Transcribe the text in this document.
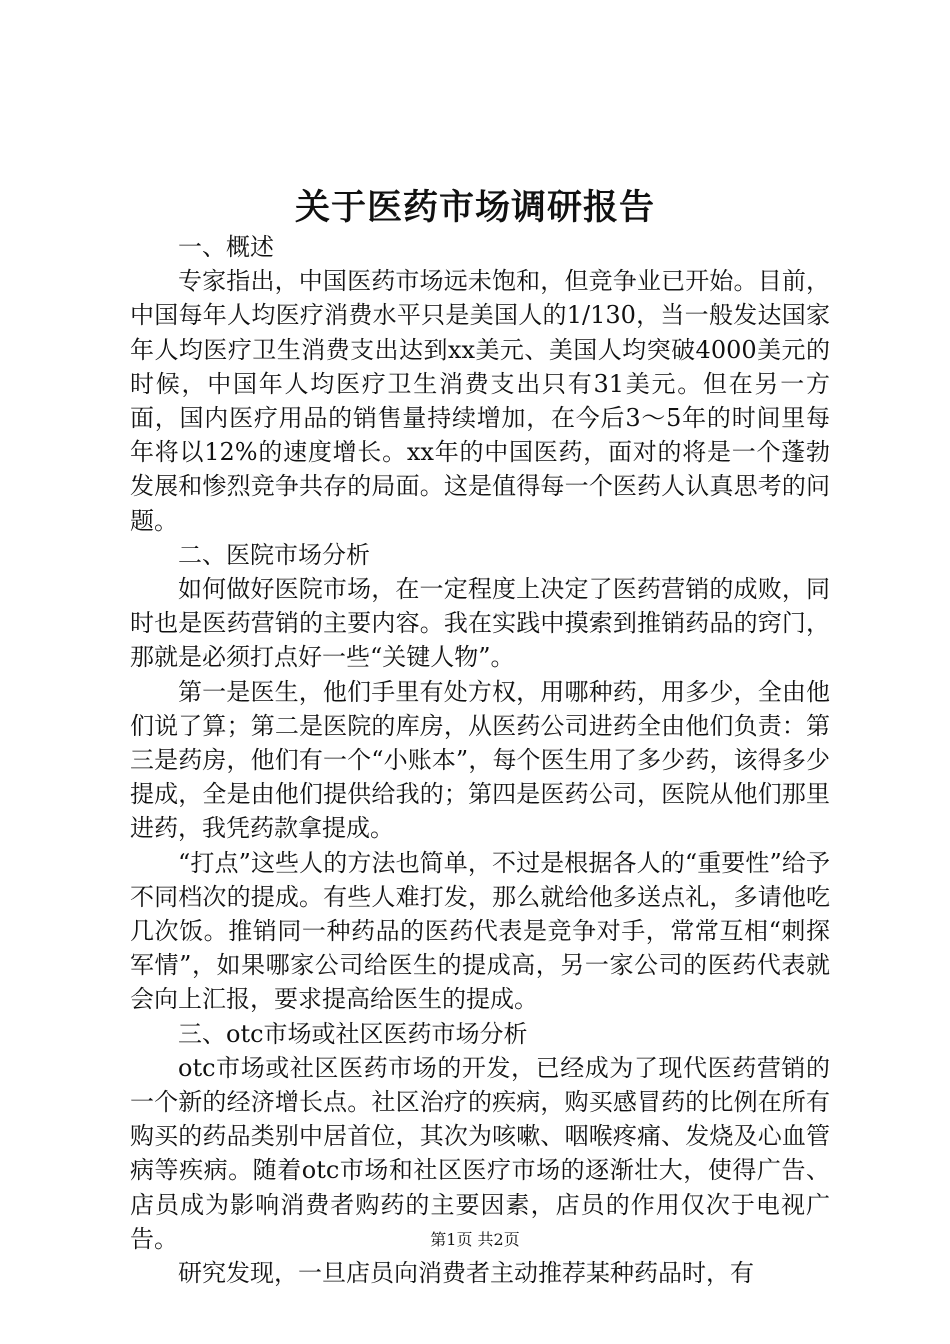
关于医药市场调研报告

一、概述

专家指出，中国医药市场远未饱和，但竞争业已开始。目前，中国每年人均医疗消费水平只是美国人的1/130，当一般发达国家年人均医疗卫生消费支出达到xx美元、美国人均突破4000美元的时候，中国年人均医疗卫生消费支出只有31美元。但在另一方面，国内医疗用品的销售量持续增加，在今后3～5年的时间里每年将以12%的速度增长。xx年的中国医药，面对的将是一个蓬勃发展和惨烈竞争共存的局面。这是值得每一个医药人认真思考的问题。

二、医院市场分析

如何做好医院市场，在一定程度上决定了医药营销的成败，同时也是医药营销的主要内容。我在实践中摸索到推销药品的窍门，那就是必须打点好一些“关键人物”。

第一是医生，他们手里有处方权，用哪种药，用多少，全由他们说了算；第二是医院的库房，从医药公司进药全由他们负责：第三是药房，他们有一个“小账本”，每个医生用了多少药，该得多少提成，全是由他们提供给我的；第四是医药公司，医院从他们那里进药，我凭药款拿提成。

“打点”这些人的方法也简单，不过是根据各人的“重要性”给予不同档次的提成。有些人难打发，那么就给他多送点礼，多请他吃几次饭。推销同一种药品的医药代表是竞争对手，常常互相“刺探军情”，如果哪家公司给医生的提成高，另一家公司的医药代表就会向上汇报，要求提高给医生的提成。

三、otc市场或社区医药市场分析

otc市场或社区医药市场的开发，已经成为了现代医药营销的一个新的经济增长点。社区治疗的疾病，购买感冒药的比例在所有购买的药品类别中居首位，其次为咳嗽、咽喉疼痛、发烧及心血管病等疾病。随着otc市场和社区医疗市场的逐渐壮大，使得广告、店员成为影响消费者购药的主要因素，店员的作用仅次于电视广告。

研究发现，一旦店员向消费者主动推荐某种药品时，有

第1页 共2页
